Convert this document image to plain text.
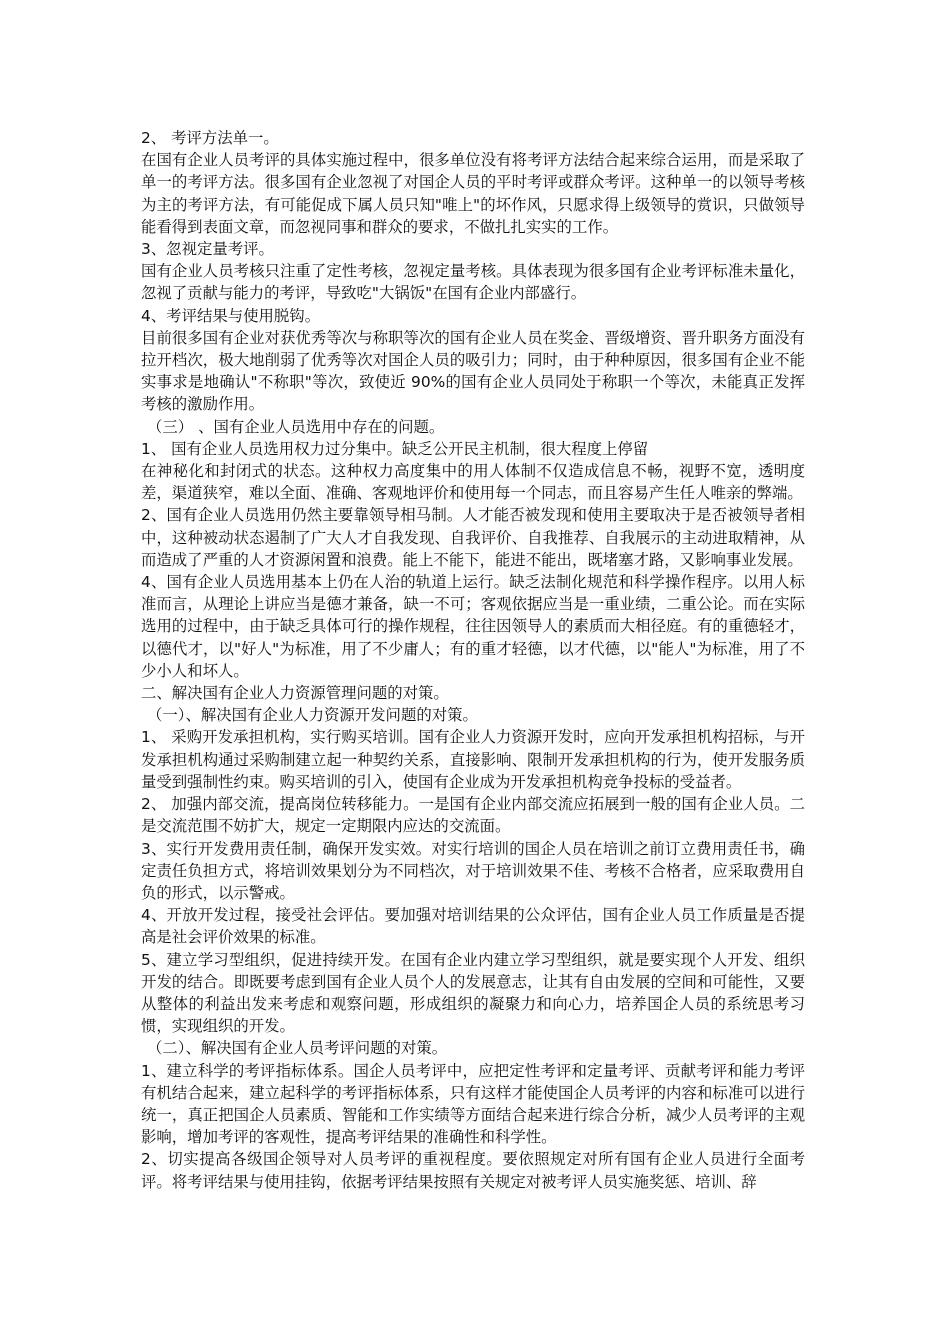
2、 考评方法单一。

在国有企业人员考评的具体实施过程中，很多单位没有将考评方法结合起来综合运用，而是采取了单一的考评方法。很多国有企业忽视了对国企人员的平时考评或群众考评。这种单一的以领导考核为主的考评方法，有可能促成下属人员只知"唯上"的坏作风，只愿求得上级领导的赏识，只做领导能看得到表面文章，而忽视同事和群众的要求，不做扎扎实实的工作。

3、忽视定量考评。

国有企业人员考核只注重了定性考核，忽视定量考核。具体表现为很多国有企业考评标准未量化，忽视了贡献与能力的考评，导致吃"大锅饭"在国有企业内部盛行。

4、考评结果与使用脱钩。

目前很多国有企业对获优秀等次与称职等次的国有企业人员在奖金、晋级增资、晋升职务方面没有拉开档次，极大地削弱了优秀等次对国企人员的吸引力；同时，由于种种原因，很多国有企业不能实事求是地确认"不称职"等次，致使近 90%的国有企业人员同处于称职一个等次，未能真正发挥考核的激励作用。

（三） 、国有企业人员选用中存在的问题。

1、 国有企业人员选用权力过分集中。缺乏公开民主机制，很大程度上停留

在神秘化和封闭式的状态。这种权力高度集中的用人体制不仅造成信息不畅，视野不宽，透明度差，渠道狭窄，难以全面、准确、客观地评价和使用每一个同志，而且容易产生任人唯亲的弊端。

2、国有企业人员选用仍然主要靠领导相马制。人才能否被发现和使用主要取决于是否被领导者相中，这种被动状态遏制了广大人才自我发现、自我评价、自我推荐、自我展示的主动进取精神，从而造成了严重的人才资源闲置和浪费。能上不能下，能进不能出，既堵塞才路，又影响事业发展。

4、国有企业人员选用基本上仍在人治的轨道上运行。缺乏法制化规范和科学操作程序。以用人标准而言，从理论上讲应当是德才兼备，缺一不可；客观依据应当是一重业绩，二重公论。而在实际选用的过程中，由于缺乏具体可行的操作规程，往往因领导人的素质而大相径庭。有的重德轻才，以德代才，以"好人"为标准，用了不少庸人；有的重才轻德，以才代德，以"能人"为标准，用了不少小人和坏人。

二、解决国有企业人力资源管理问题的对策。

（一）、解决国有企业人力资源开发问题的对策。

1、 采购开发承担机构，实行购买培训。国有企业人力资源开发时，应向开发承担机构招标，与开发承担机构通过采购制建立起一种契约关系，直接影响、限制开发承担机构的行为，使开发服务质量受到强制性约束。购买培训的引入，使国有企业成为开发承担机构竞争投标的受益者。

2、 加强内部交流，提高岗位转移能力。一是国有企业内部交流应拓展到一般的国有企业人员。二是交流范围不妨扩大，规定一定期限内应达的交流面。

3、实行开发费用责任制，确保开发实效。对实行培训的国企人员在培训之前订立费用责任书，确定责任负担方式，将培训效果划分为不同档次，对于培训效果不佳、考核不合格者，应采取费用自负的形式，以示警戒。

4、开放开发过程，接受社会评估。要加强对培训结果的公众评估，国有企业人员工作质量是否提高是社会评价效果的标准。

5、建立学习型组织，促进持续开发。在国有企业内建立学习型组织，就是要实现个人开发、组织开发的结合。即既要考虑到国有企业人员个人的发展意志，让其有自由发展的空间和可能性，又要从整体的利益出发来考虑和观察问题，形成组织的凝聚力和向心力，培养国企人员的系统思考习惯，实现组织的开发。

（二）、解决国有企业人员考评问题的对策。

1、建立科学的考评指标体系。国企人员考评中，应把定性考评和定量考评、贡献考评和能力考评有机结合起来，建立起科学的考评指标体系，只有这样才能使国企人员考评的内容和标准可以进行统一，真正把国企人员素质、智能和工作实绩等方面结合起来进行综合分析，减少人员考评的主观影响，增加考评的客观性，提高考评结果的准确性和科学性。

2、切实提高各级国企领导对人员考评的重视程度。要依照规定对所有国有企业人员进行全面考评。将考评结果与使用挂钩，依据考评结果按照有关规定对被考评人员实施奖惩、培训、辞
